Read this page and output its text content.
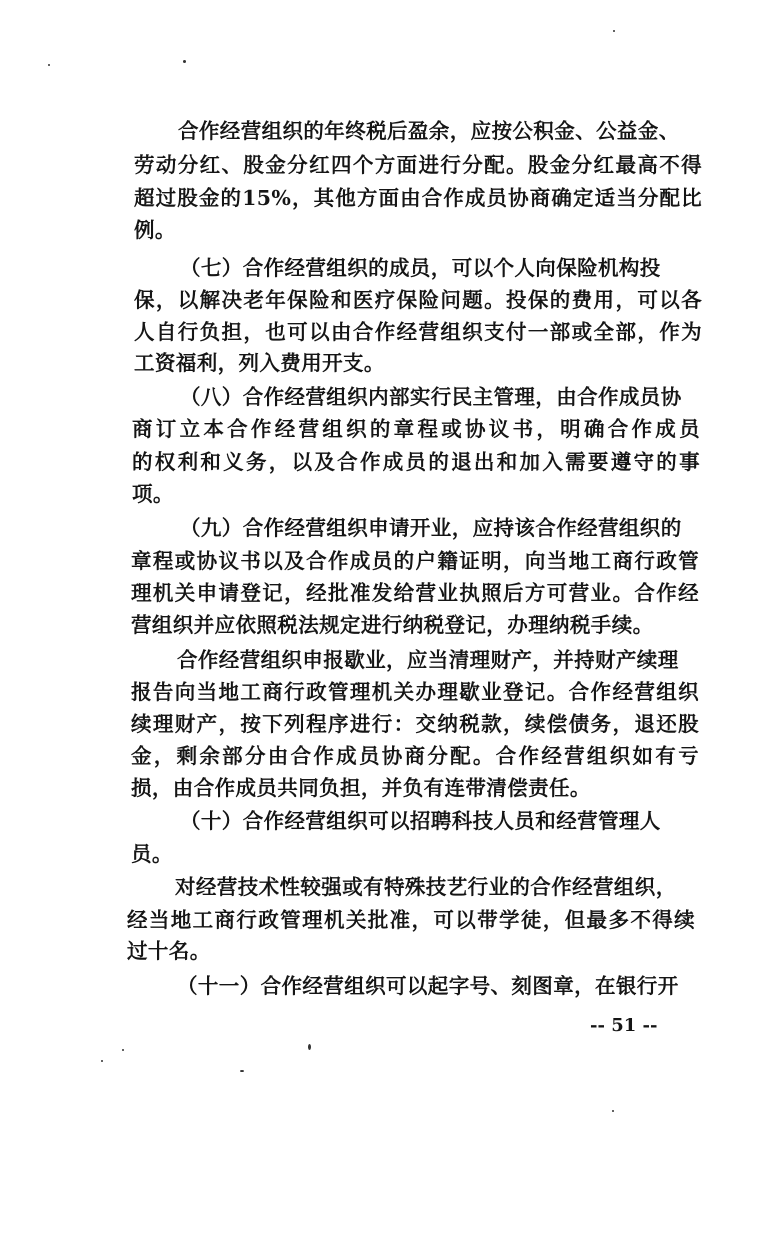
合作经营组织的年终税后盈余，应按公积金、公益金、
劳动分红、股金分红四个方面进行分配。股金分红最高不得
超过股金的15%，其他方面由合作成员协商确定适当分配比
例。
（七）合作经营组织的成员，可以个人向保险机构投
保，以解决老年保险和医疗保险问题。投保的费用，可以各
人自行负担，也可以由合作经营组织支付一部或全部，作为
工资福利，列入费用开支。
（八）合作经营组织内部实行民主管理，由合作成员协
商订立本合作经营组织的章程或协议书，明确合作成员
的权利和义务，以及合作成员的退出和加入需要遵守的事
项。
（九）合作经营组织申请开业，应持该合作经营组织的
章程或协议书以及合作成员的户籍证明，向当地工商行政管
理机关申请登记，经批准发给营业执照后方可营业。合作经
营组织并应依照税法规定进行纳税登记，办理纳税手续。
合作经营组织申报歇业，应当清理财产，并持财产续理
报告向当地工商行政管理机关办理歇业登记。合作经营组织
续理财产，按下列程序进行：交纳税款，续偿债务，退还股
金，剩余部分由合作成员协商分配。合作经营组织如有亏
损，由合作成员共同负担，并负有连带清偿责任。
（十）合作经营组织可以招聘科技人员和经营管理人
员。
对经营技术性较强或有特殊技艺行业的合作经营组织，
经当地工商行政管理机关批准，可以带学徒，但最多不得续
过十名。
（十一）合作经营组织可以起字号、刻图章，在银行开
-- 51 --
